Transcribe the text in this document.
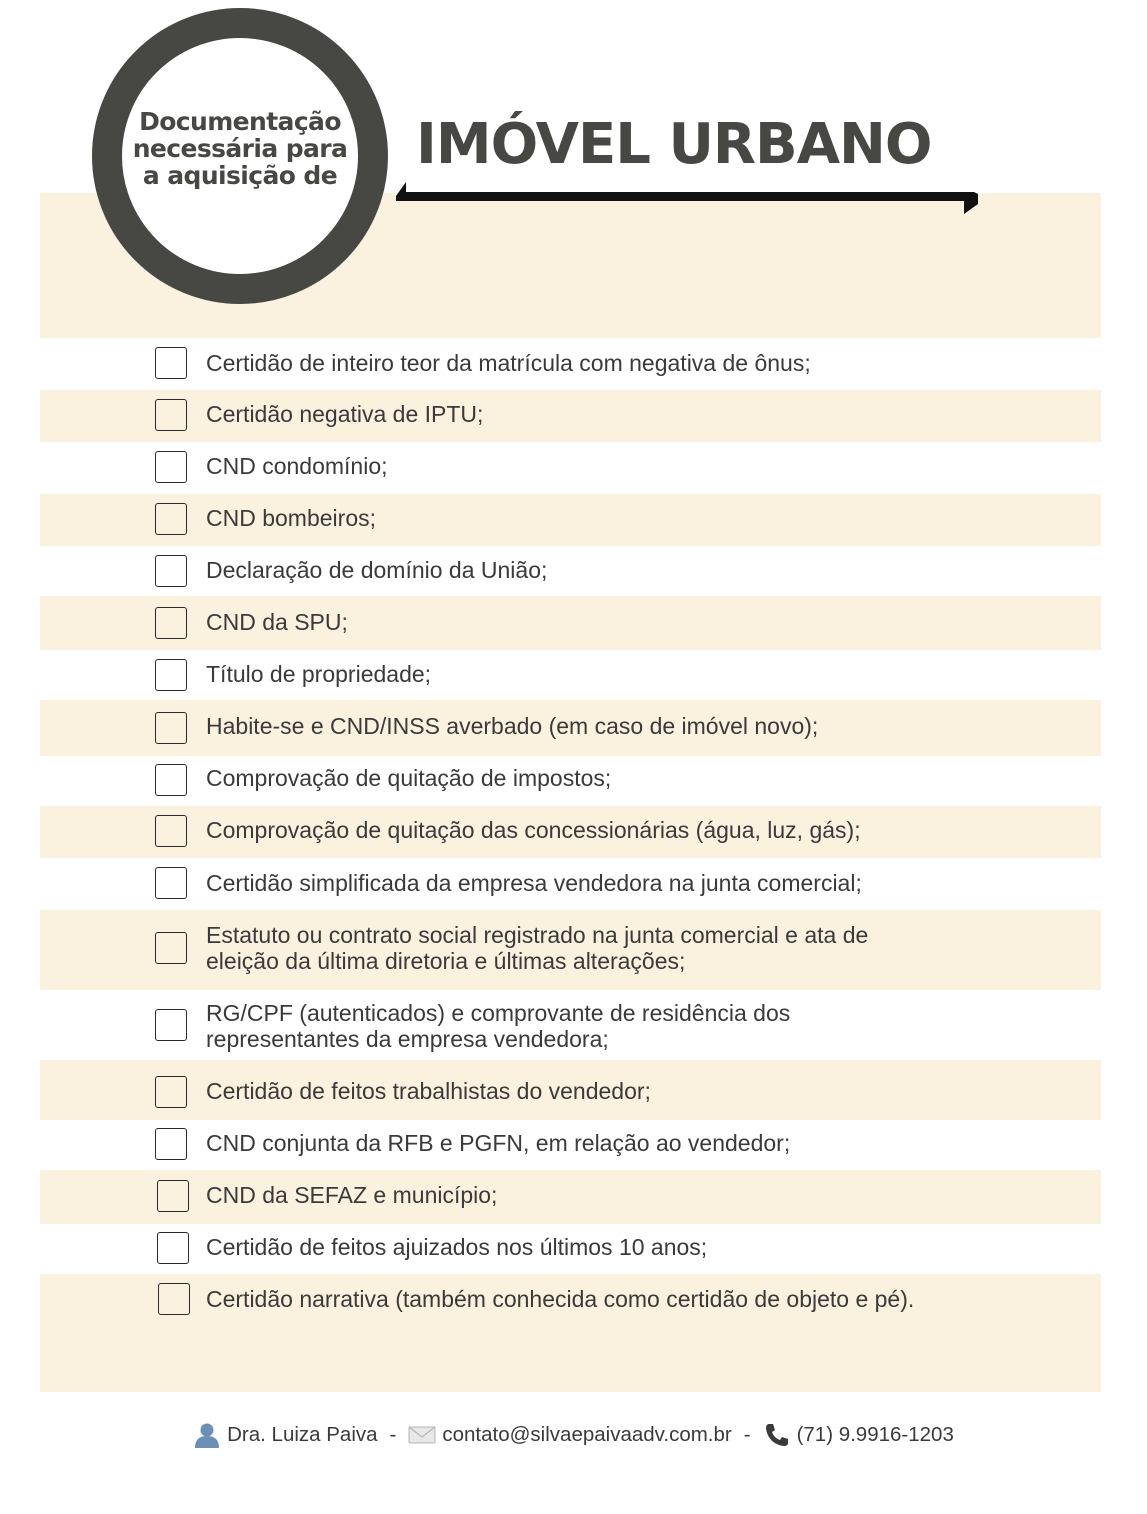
Documentação
necessária para
a aquisição de IMÓVEL URBANO
Certidão de inteiro teor da matrícula com negativa de ônus;
Certidão negativa de IPTU;
CND condomínio;
CND bombeiros;
Declaração de domínio da União;
CND da SPU;
Título de propriedade;
Habite-se e CND/INSS averbado (em caso de imóvel novo);
Comprovação de quitação de impostos;
Comprovação de quitação das concessionárias (água, luz, gás);
Certidão simplificada da empresa vendedora na junta comercial;
Estatuto ou contrato social registrado na junta comercial e ata de
eleição da última diretoria e últimas alterações;
RG/CPF (autenticados) e comprovante de residência dos
representantes da empresa vendedora;
Certidão de feitos trabalhistas do vendedor;
CND conjunta da RFB e PGFN, em relação ao vendedor;
CND da SEFAZ e município;
Certidão de feitos ajuizados nos últimos 10 anos;
Certidão narrativa (também conhecida como certidão de objeto e pé).
Dra. Luiza Paiva - contato@silvaepaivaadv.com.br - (71) 9.9916-1203
